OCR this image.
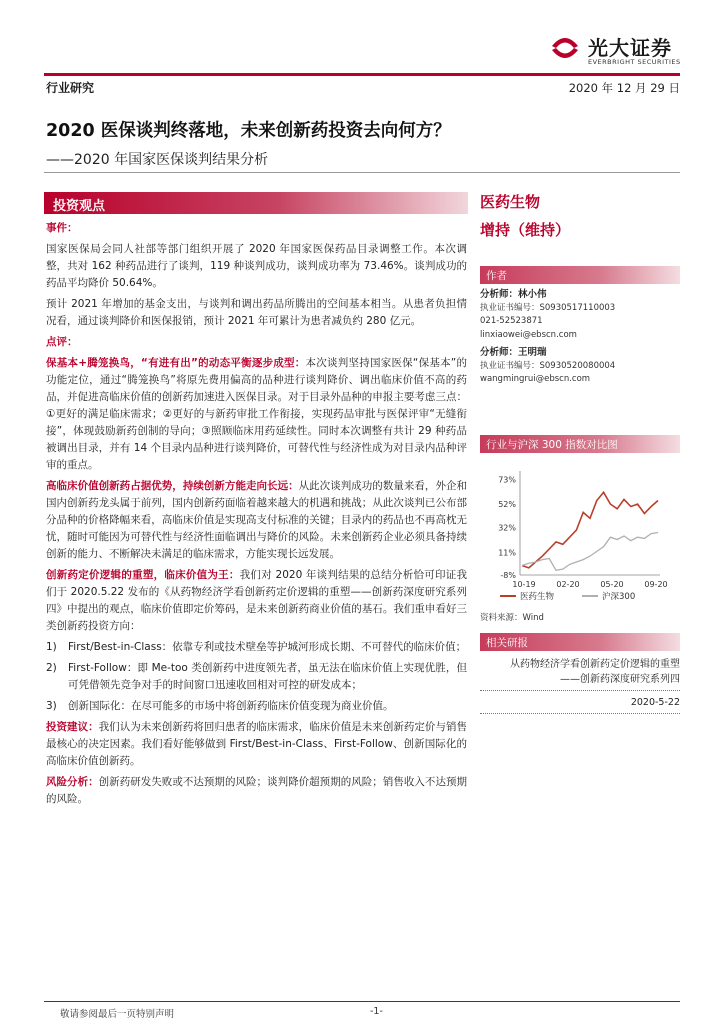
光大证券
EVERBRIGHT SECURITIES
行业研究	2020 年 12 月 29 日
2020 医保谈判终落地，未来创新药投资去向何方？
——2020 年国家医保谈判结果分析
投资观点

事件：

国家医保局会同人社部等部门组织开展了 2020 年国家医保药品目录调整工作。本次调整，共对 162 种药品进行了谈判，119 种谈判成功，谈判成功率为 73.46%。谈判成功的药品平均降价 50.64%。

预计 2021 年增加的基金支出，与谈判和调出药品所腾出的空间基本相当。从患者负担情况看，通过谈判降价和医保报销，预计 2021 年可累计为患者减负约 280 亿元。

点评：

保基本+腾笼换鸟，“有进有出”的动态平衡逐步成型：本次谈判坚持国家医保“保基本”的功能定位，通过“腾笼换鸟”将原先费用偏高的品种进行谈判降价、调出临床价值不高的药品，并促进高临床价值的创新药加速进入医保目录。对于目录外品种的申报主要考虑三点：①更好的满足临床需求；②更好的与新药审批工作衔接，实现药品审批与医保评审“无缝衔接”，体现鼓励新药创制的导向；③照顾临床用药延续性。同时本次调整有共计 29 种药品被调出目录，并有 14 个目录内品种进行谈判降价，可替代性与经济性成为对目录内品种评审的重点。

高临床价值创新药占据优势，持续创新方能走向长远：从此次谈判成功的数量来看，外企和国内创新药龙头属于前列，国内创新药面临着越来越大的机遇和挑战；从此次谈判已公布部分品种的价格降幅来看，高临床价值是实现高支付标准的关键；目录内的药品也不再高枕无忧，随时可能因为可替代性与经济性面临调出与降价的风险。未来创新药企业必须具备持续创新的能力、不断解决未满足的临床需求，方能实现长远发展。

创新药定价逻辑的重塑，临床价值为王：我们对 2020 年谈判结果的总结分析恰可印证我们于 2020.5.22 发布的《从药物经济学看创新药定价逻辑的重塑——创新药深度研究系列四》中提出的观点，临床价值即定价筹码，是未来创新药商业价值的基石。我们重申看好三类创新药投资方向：

1)	First/Best-in-Class：依靠专利或技术壁垒等护城河形成长期、不可替代的临床价值；
2)	First-Follow：即 Me-too 类创新药中进度领先者，虽无法在临床价值上实现优胜，但可凭借领先竞争对手的时间窗口迅速收回相对可控的研发成本；
3)	创新国际化：在尽可能多的市场中将创新药临床价值变现为商业价值。

投资建议：我们认为未来创新药将回归患者的临床需求，临床价值是未来创新药定价与销售最核心的决定因素。我们看好能够做到 First/Best-in-Class、First-Follow、创新国际化的高临床价值创新药。

风险分析：创新药研发失败或不达预期的风险；谈判降价超预期的风险；销售收入不达预期的风险。

医药生物
增持（维持）
作者
分析师：林小伟
执业证书编号：S0930517110003
021-52523871
linxiaowei@ebscn.com
分析师：王明瑞
执业证书编号：S0930520080004
wangmingrui@ebscn.com
行业与沪深 300 指数对比图
-8%
11%
32%
52%
73%
10-19	02-20	05-20	09-20
医药生物	沪深300
资料来源：Wind
相关研报
从药物经济学看创新药定价逻辑的重塑
——创新药深度研究系列四
2020-5-22
敬请参阅最后一页特别声明	-1-
